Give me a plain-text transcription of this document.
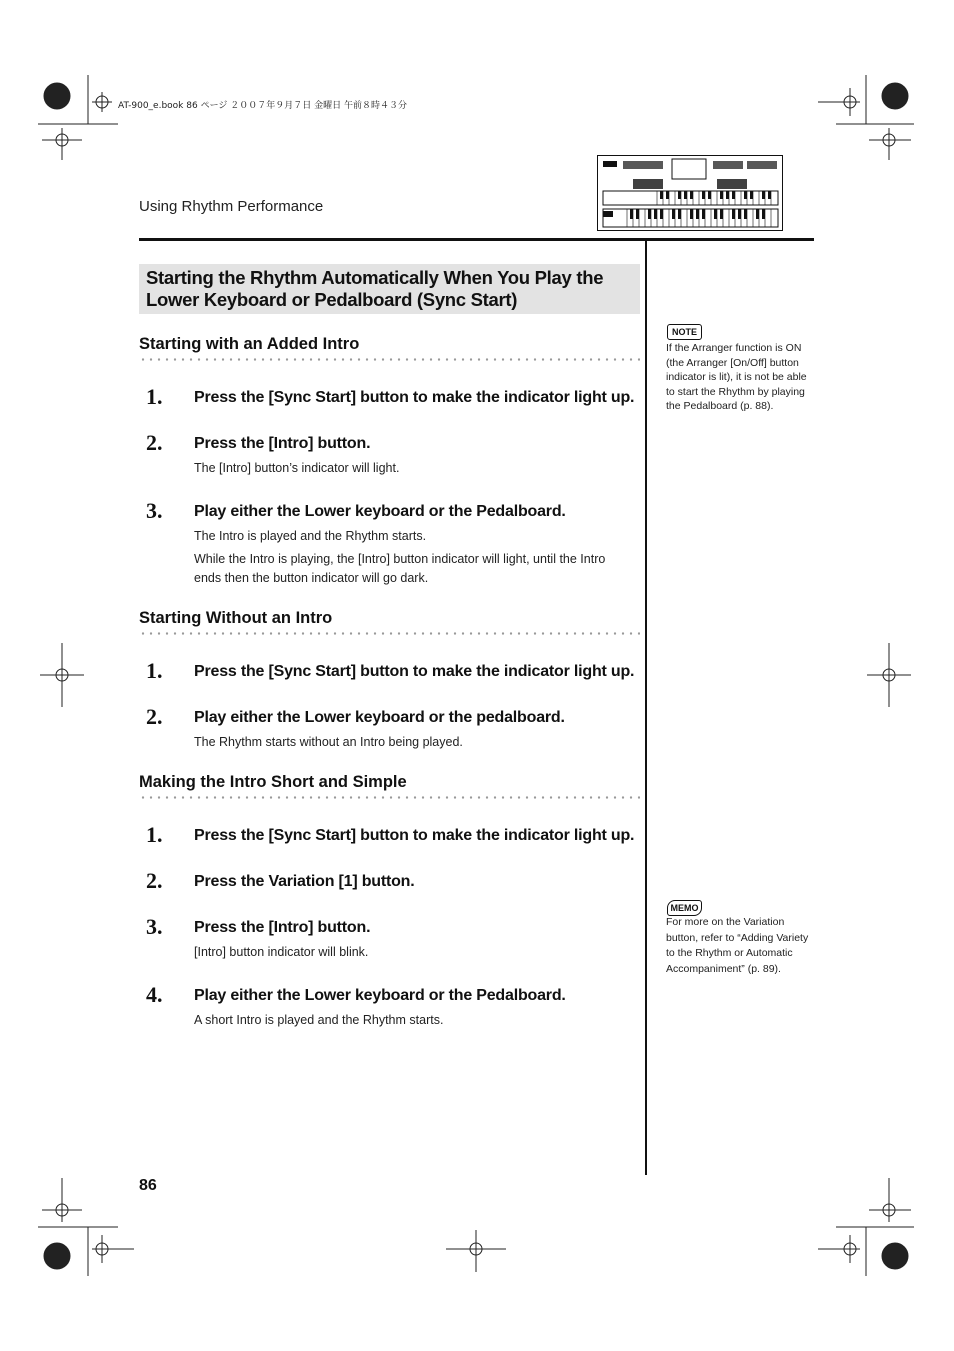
AT-900_e.book 86 ページ ２００７年９月７日 金曜日 午前８時４３分
Using Rhythm Performance
Starting the Rhythm Automatically When You Play the Lower Keyboard or Pedalboard (Sync Start)
Starting with an Added Intro
1. Press the [Sync Start] button to make the indicator light up.
2. Press the [Intro] button.
The [Intro] button’s indicator will light.
3. Play either the Lower keyboard or the Pedalboard.
The Intro is played and the Rhythm starts.
While the Intro is playing, the [Intro] button indicator will light, until the Intro ends then the button indicator will go dark.
Starting Without an Intro
1. Press the [Sync Start] button to make the indicator light up.
2. Play either the Lower keyboard or the pedalboard.
The Rhythm starts without an Intro being played.
Making the Intro Short and Simple
1. Press the [Sync Start] button to make the indicator light up.
2. Press the Variation [1] button.
3. Press the [Intro] button.
[Intro] button indicator will blink.
4. Play either the Lower keyboard or the Pedalboard.
A short Intro is played and the Rhythm starts.
NOTE
If the Arranger function is ON (the Arranger [On/Off] button indicator is lit), it is not be able to start the Rhythm by playing the Pedalboard (p. 88).
MEMO
For more on the Variation button, refer to “Adding Variety to the Rhythm or Automatic Accompaniment” (p. 89).
86
